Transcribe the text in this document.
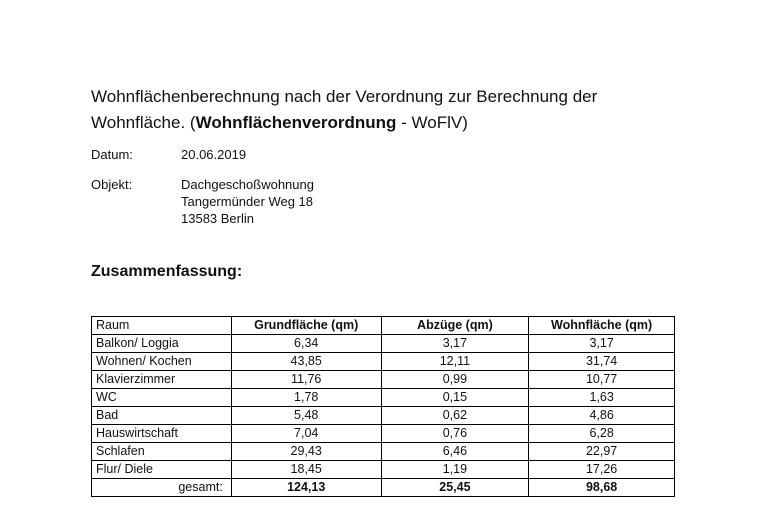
Wohnflächenberechnung nach der Verordnung zur Berechnung der
Wohnfläche. (Wohnflächenverordnung - WoFlV)
Datum:	20.06.2019
Objekt:	Dachgeschoßwohnung
Tangermünder Weg 18
13583 Berlin
Zusammenfassung:
Raum	Grundfläche (qm)	Abzüge (qm)	Wohnfläche (qm)
Balkon/ Loggia	6,34	3,17	3,17
Wohnen/ Kochen	43,85	12,11	31,74
Klavierzimmer	11,76	0,99	10,77
WC	1,78	0,15	1,63
Bad	5,48	0,62	4,86
Hauswirtschaft	7,04	0,76	6,28
Schlafen	29,43	6,46	22,97
Flur/ Diele	18,45	1,19	17,26
gesamt:	124,13	25,45	98,68
